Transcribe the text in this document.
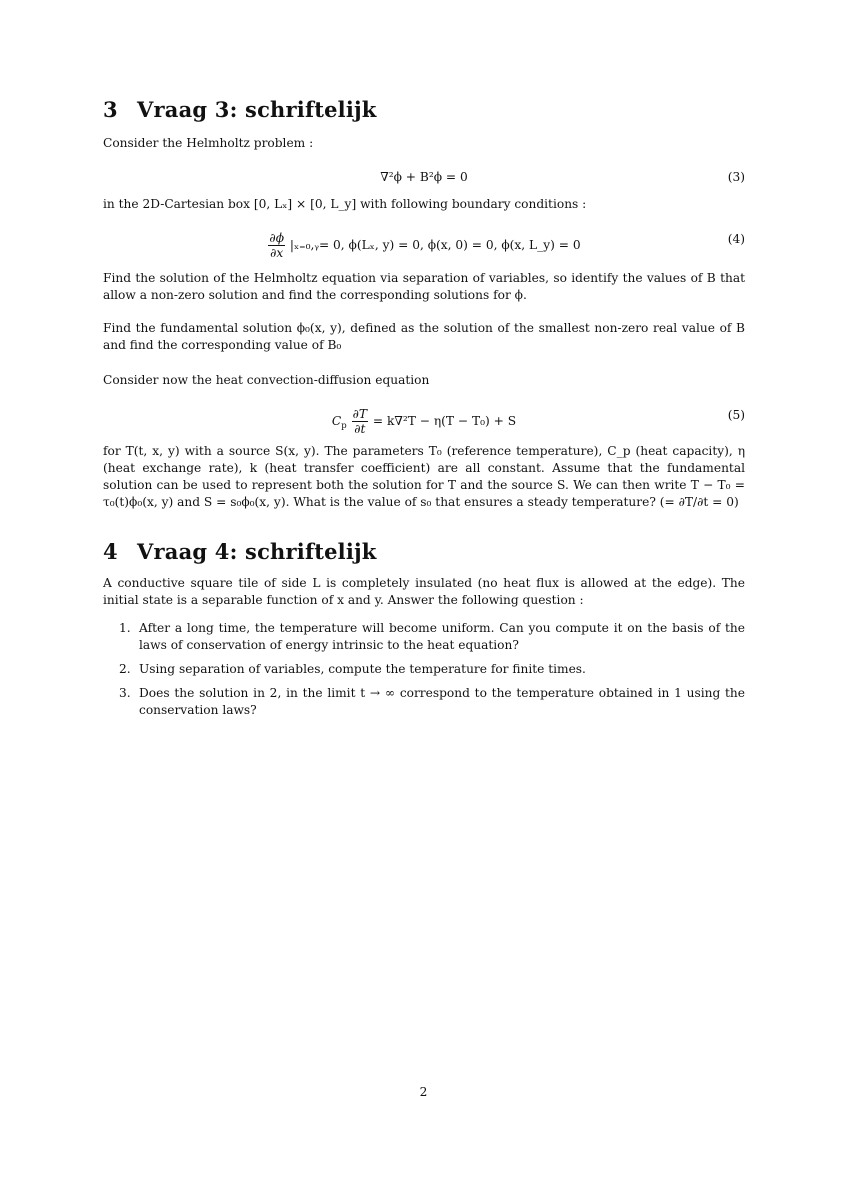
3 Vraag 3: schriftelijk

Consider the Helmholtz problem :

∇²ϕ + B²ϕ = 0	(3)

in the 2D-Cartesian box [0, Lₓ] × [0, L_y] with following boundary conditions :

$\frac{\partial\phi}{\partial x}$ |ₓ₌₀,ᵧ= 0, ϕ(Lₓ, y) = 0, ϕ(x, 0) = 0, ϕ(x, L_y) = 0	(4)

Find the solution of the Helmholtz equation via separation of variables, so identify the values of B that allow a non-zero solution and find the corresponding solutions for ϕ.

Find the fundamental solution ϕ₀(x, y), defined as the solution of the smallest non-zero real value of B and find the corresponding value of B₀

Consider now the heat convection-diffusion equation

$C_p \frac{\partial T}{\partial t} = k\nabla^2T - \eta(T - T_0) + S$	(5)

for T(t, x, y) with a source S(x, y). The parameters T₀ (reference temperature), C_p (heat capacity), η (heat exchange rate), k (heat transfer coefficient) are all constant. Assume that the fundamental solution can be used to represent both the solution for T and the source S. We can then write T − T₀ = τ₀(t)ϕ₀(x, y) and S = s₀ϕ₀(x, y). What is the value of s₀ that ensures a steady temperature? (= ∂T/∂t = 0)

4 Vraag 4: schriftelijk

A conductive square tile of side L is completely insulated (no heat flux is allowed at the edge). The initial state is a separable function of x and y. Answer the following question :

1. After a long time, the temperature will become uniform. Can you compute it on the basis of the laws of conservation of energy intrinsic to the heat equation?
2. Using separation of variables, compute the temperature for finite times.
3. Does the solution in 2, in the limit t → ∞ correspond to the temperature obtained in 1 using the conservation laws?
2
